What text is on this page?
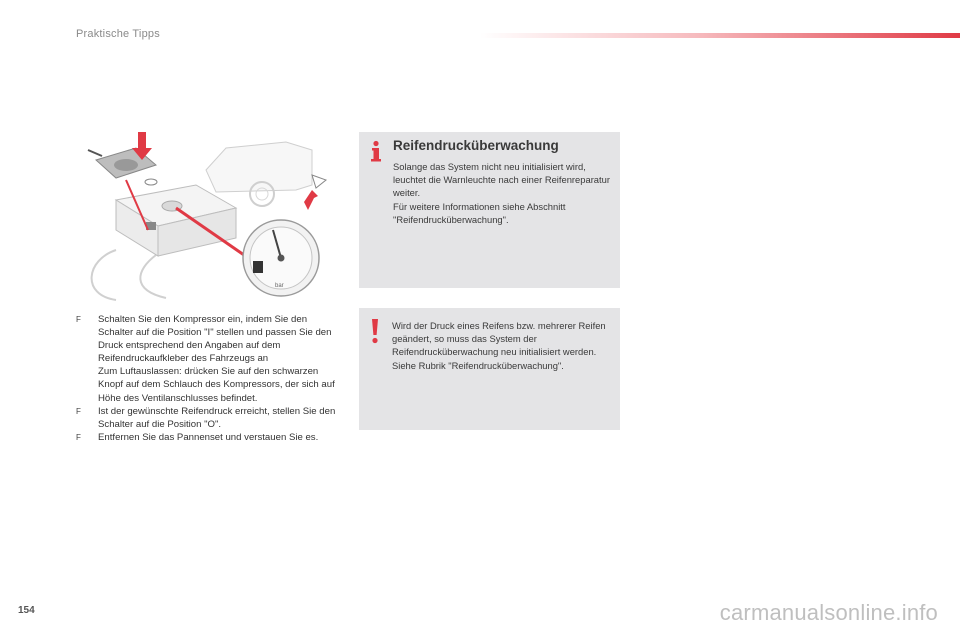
Praktische Tipps
bar
F Schalten Sie den Kompressor ein, indem Sie den Schalter auf die Position "I" stellen und passen Sie den Druck entsprechend den Angaben auf dem Reifendruckaufkleber des Fahrzeugs an

Zum Luftauslassen: drücken Sie auf den schwarzen Knopf auf dem Schlauch des Kompressors, der sich auf Höhe des Ventilanschlusses befindet.

F Ist der gewünschte Reifendruck erreicht, stellen Sie den Schalter auf die Position "O".

F Entfernen Sie das Pannenset und verstauen Sie es.

Reifendrucküberwachung

Solange das System nicht neu initialisiert wird, leuchtet die Warnleuchte nach einer Reifenreparatur weiter.

Für weitere Informationen siehe Abschnitt "Reifendrucküberwachung".

Wird der Druck eines Reifens bzw. mehrerer Reifen geändert, so muss das System der Reifendrucküberwachung neu initialisiert werden.

Siehe Rubrik "Reifendrucküberwachung".

154	carmanualsonline.info
